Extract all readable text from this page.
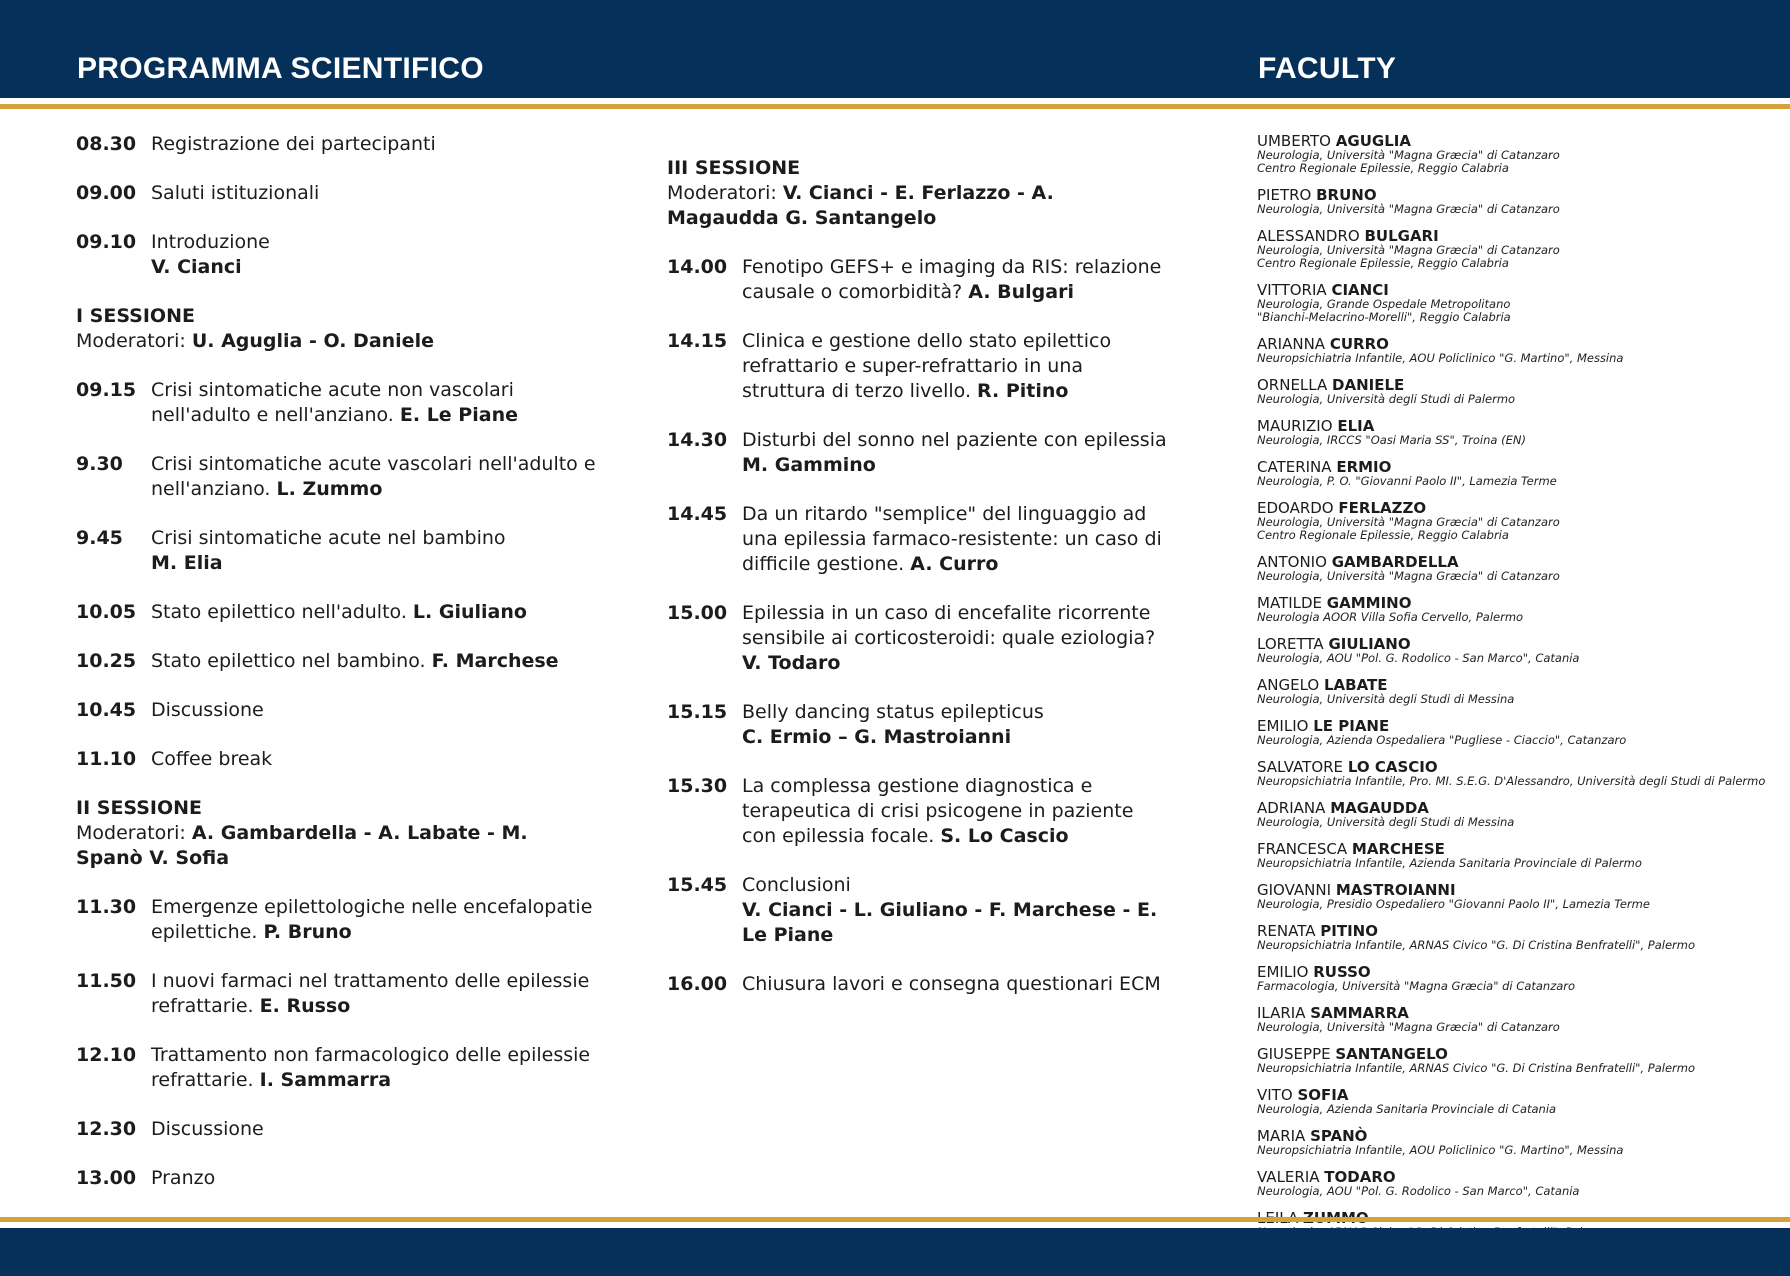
PROGRAMMA SCIENTIFICO	FACULTY
08.30 Registrazione dei partecipanti
09.00 Saluti istituzionali
09.10 Introduzione
V. Cianci
I SESSIONE
Moderatori: U. Aguglia - O. Daniele
09.15 Crisi sintomatiche acute non vascolari nell'adulto e nell'anziano. E. Le Piane
9.30	Crisi sintomatiche acute vascolari nell'adulto e nell'anziano. L. Zummo
9.45	Crisi sintomatiche acute nel bambino
M. Elia
10.05 Stato epilettico nell'adulto. L. Giuliano
10.25 Stato epilettico nel bambino. F. Marchese
10.45 Discussione
11.10 Coffee break
II SESSIONE
Moderatori: A. Gambardella - A. Labate - M. Spanò V. Sofia
11.30 Emergenze epilettologiche nelle encefalopatie epilettiche. P. Bruno
11.50 I nuovi farmaci nel trattamento delle epilessie refrattarie. E. Russo
12.10 Trattamento non farmacologico delle epilessie refrattarie. I. Sammarra
12.30 Discussione
13.00 Pranzo
III SESSIONE
Moderatori: V. Cianci - E. Ferlazzo - A. Magaudda G. Santangelo
14.00 Fenotipo GEFS+ e imaging da RIS: relazione causale o comorbidità? A. Bulgari
14.15 Clinica e gestione dello stato epilettico refrattario e super-refrattario in una struttura di terzo livello. R. Pitino
14.30 Disturbi del sonno nel paziente con epilessia
M. Gammino
14.45 Da un ritardo "semplice" del linguaggio ad una epilessia farmaco-resistente: un caso di difficile gestione. A. Curro
15.00 Epilessia in un caso di encefalite ricorrente sensibile ai corticosteroidi: quale eziologia?
V. Todaro
15.15 Belly dancing status epilepticus
C. Ermio – G. Mastroianni
15.30 La complessa gestione diagnostica e terapeutica di crisi psicogene in paziente con epilessia focale. S. Lo Cascio
15.45 Conclusioni
V. Cianci - L. Giuliano - F. Marchese - E. Le Piane
16.00 Chiusura lavori e consegna questionari ECM
UMBERTO AGUGLIA
Neurologia, Università "Magna Græcia" di Catanzaro
Centro Regionale Epilessie, Reggio Calabria
PIETRO BRUNO
Neurologia, Università "Magna Græcia" di Catanzaro
ALESSANDRO BULGARI
Neurologia, Università "Magna Græcia" di Catanzaro
Centro Regionale Epilessie, Reggio Calabria
VITTORIA CIANCI
Neurologia, Grande Ospedale Metropolitano
"Bianchi-Melacrino-Morelli", Reggio Calabria
ARIANNA CURRO
Neuropsichiatria Infantile, AOU Policlinico "G. Martino", Messina
ORNELLA DANIELE
Neurologia, Università degli Studi di Palermo
MAURIZIO ELIA
Neurologia, IRCCS "Oasi Maria SS", Troina (EN)
CATERINA ERMIO
Neurologia, P. O. "Giovanni Paolo II", Lamezia Terme
EDOARDO FERLAZZO
Neurologia, Università "Magna Græcia" di Catanzaro
Centro Regionale Epilessie, Reggio Calabria
ANTONIO GAMBARDELLA
Neurologia, Università "Magna Græcia" di Catanzaro
MATILDE GAMMINO
Neurologia AOOR Villa Sofia Cervello, Palermo
LORETTA GIULIANO
Neurologia, AOU "Pol. G. Rodolico - San Marco", Catania
ANGELO LABATE
Neurologia, Università degli Studi di Messina
EMILIO LE PIANE
Neurologia, Azienda Ospedaliera "Pugliese - Ciaccio", Catanzaro
SALVATORE LO CASCIO
Neuropsichiatria Infantile, Pro. MI. S.E.G. D'Alessandro, Università degli Studi di Palermo
ADRIANA MAGAUDDA
Neurologia, Università degli Studi di Messina
FRANCESCA MARCHESE
Neuropsichiatria Infantile, Azienda Sanitaria Provinciale di Palermo
GIOVANNI MASTROIANNI
Neurologia, Presidio Ospedaliero "Giovanni Paolo II", Lamezia Terme
RENATA PITINO
Neuropsichiatria Infantile, ARNAS Civico "G. Di Cristina Benfratelli", Palermo
EMILIO RUSSO
Farmacologia, Università "Magna Græcia" di Catanzaro
ILARIA SAMMARRA
Neurologia, Università "Magna Græcia" di Catanzaro
GIUSEPPE SANTANGELO
Neuropsichiatria Infantile, ARNAS Civico "G. Di Cristina Benfratelli", Palermo
VITO SOFIA
Neurologia, Azienda Sanitaria Provinciale di Catania
MARIA SPANÒ
Neuropsichiatria Infantile, AOU Policlinico "G. Martino", Messina
VALERIA TODARO
Neurologia, AOU "Pol. G. Rodolico - San Marco", Catania
